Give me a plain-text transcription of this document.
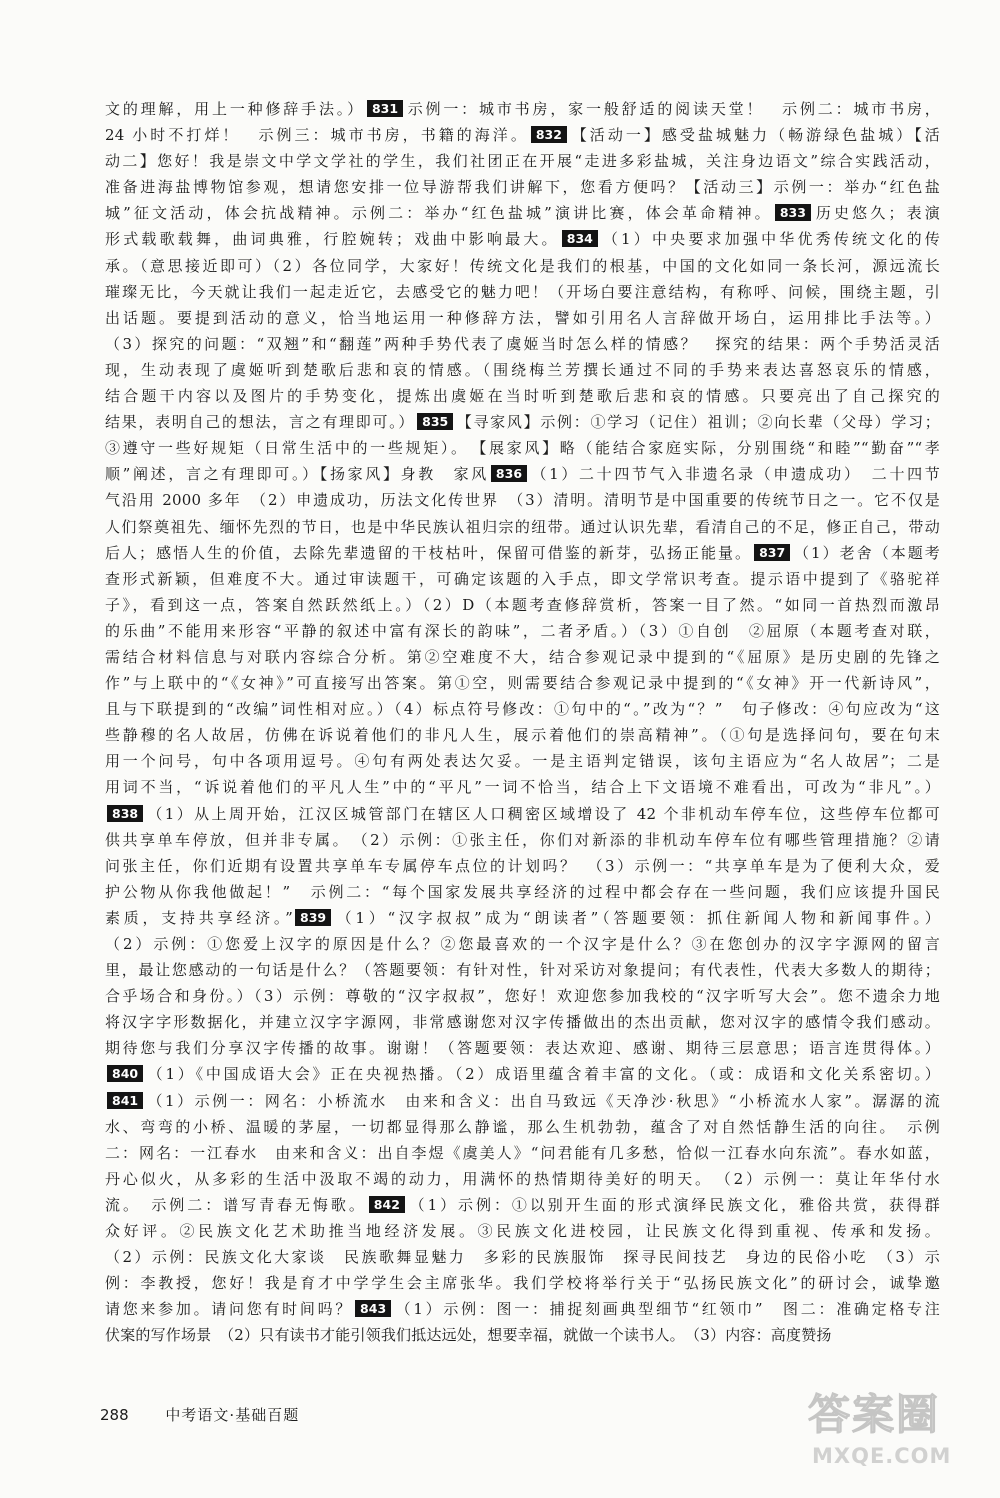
文的理解，用上一种修辞手法。） 831 示例一：城市书房，家一般舒适的阅读天堂！　示例二：城市书房，
24 小时不打烊！　示例三：城市书房，书籍的海洋。 832 【活动一】感受盐城魅力（畅游绿色盐城）【活
动二】您好！我是崇文中学文学社的学生，我们社团正在开展“走进多彩盐城，关注身边语文”综合实践活动，
准备进海盐博物馆参观，想请您安排一位导游帮我们讲解下，您看方便吗？【活动三】示例一：举办“红色盐
城”征文活动，体会抗战精神。示例二：举办“红色盐城”演讲比赛，体会革命精神。 833 历史悠久；表演
形式载歌载舞，曲词典雅，行腔婉转；戏曲中影响最大。 834 （1）中央要求加强中华优秀传统文化的传
承。（意思接近即可）（2）各位同学，大家好！传统文化是我们的根基，中国的文化如同一条长河，源远流长
璀璨无比，今天就让我们一起走近它，去感受它的魅力吧！（开场白要注意结构，有称呼、问候，围绕主题，引
出话题。要提到活动的意义，恰当地运用一种修辞方法，譬如引用名人言辞做开场白，运用排比手法等。）
（3）探究的问题：“双翘”和“翻莲”两种手势代表了虞姬当时怎么样的情感？　探究的结果：两个手势活灵活
现，生动表现了虞姬听到楚歌后悲和哀的情感。（围绕梅兰芳撰长通过不同的手势来表达喜怒哀乐的情感，
结合题干内容以及图片的手势变化，提炼出虞姬在当时听到楚歌后悲和哀的情感。只要亮出了自己探究的
结果，表明自己的想法，言之有理即可。） 835 【寻家风】示例：①学习（记住）祖训；②向长辈（父母）学习；
③遵守一些好规矩（日常生活中的一些规矩）。　【展家风】略（能结合家庭实际，分别围绕“和睦”“勤奋”“孝
顺”阐述，言之有理即可。）【扬家风】身教　家风 836 （1）二十四节气入非遗名录（申遗成功）　二十四节
气沿用 2000 多年　（2）申遗成功，历法文化传世界　（3）清明。清明节是中国重要的传统节日之一。它不仅是
人们祭奠祖先、缅怀先烈的节日，也是中华民族认祖归宗的纽带。通过认识先辈，看清自己的不足，修正自己，带动
后人；感悟人生的价值，去除先辈遗留的干枝枯叶，保留可借鉴的新芽，弘扬正能量。 837 （1）老舍（本题考
查形式新颖，但难度不大。通过审读题干，可确定该题的入手点，即文学常识考查。提示语中提到了《骆驼祥
子》，看到这一点，答案自然跃然纸上。）（2）D（本题考查修辞赏析，答案一目了然。“如同一首热烈而激昂
的乐曲”不能用来形容“平静的叙述中富有深长的韵味”，二者矛盾。）（3）①自创　②屈原（本题考查对联，
需结合材料信息与对联内容综合分析。第②空难度不大，结合参观记录中提到的“《屈原》是历史剧的先锋之
作”与上联中的“《女神》”可直接写出答案。第①空，则需要结合参观记录中提到的“《女神》开一代新诗风”，
且与下联提到的“改编”词性相对应。）（4）标点符号修改：①句中的“。”改为“？”　句子修改：④句应改为“这
些静穆的名人故居，仿佛在诉说着他们的非凡人生，展示着他们的崇高精神”。（①句是选择问句，要在句末
用一个问号，句中各项用逗号。④句有两处表达欠妥。一是主语判定错误，该句主语应为“名人故居”；二是
用词不当，“诉说着他们的平凡人生”中的“平凡”一词不恰当，结合上下文语境不难看出，可改为“非凡”。）
838 （1）从上周开始，江汉区城管部门在辖区人口稠密区域增设了 42 个非机动车停车位，这些停车位都可
供共享单车停放，但并非专属。　（2）示例：①张主任，你们对新添的非机动车停车位有哪些管理措施？②请
问张主任，你们近期有设置共享单车专属停车点位的计划吗？　（3）示例一：“共享单车是为了便利大众，爱
护公物从你我他做起！”　示例二：“每个国家发展共享经济的过程中都会存在一些问题，我们应该提升国民
素质，支持共享经济。” 839 （1）“汉字叔叔”成为“朗读者”（答题要领：抓住新闻人物和新闻事件。）
（2）示例：①您爱上汉字的原因是什么？②您最喜欢的一个汉字是什么？③在您创办的汉字字源网的留言
里，最让您感动的一句话是什么？（答题要领：有针对性，针对采访对象提问；有代表性，代表大多数人的期待；
合乎场合和身份。）（3）示例：尊敬的“汉字叔叔”，您好！欢迎您参加我校的“汉字听写大会”。您不遗余力地
将汉字字形数据化，并建立汉字字源网，非常感谢您对汉字传播做出的杰出贡献，您对汉字的感情令我们感动。
期待您与我们分享汉字传播的故事。谢谢！（答题要领：表达欢迎、感谢、期待三层意思；语言连贯得体。）
840 （1）《中国成语大会》正在央视热播。（2）成语里蕴含着丰富的文化。（或：成语和文化关系密切。）
841 （1）示例一：网名：小桥流水　由来和含义：出自马致远《天净沙·秋思》“小桥流水人家”。潺潺的流
水、弯弯的小桥、温暖的茅屋，一切都显得那么静谧，那么生机勃勃，蕴含了对自然恬静生活的向往。　示例
二：网名：一江春水　由来和含义：出自李煜《虞美人》“问君能有几多愁，恰似一江春水向东流”。春水如蓝，
丹心似火，从多彩的生活中汲取不竭的动力，用满怀的热情期待美好的明天。　（2）示例一：莫让年华付水
流。　示例二：谱写青春无悔歌。 842 （1）示例：①以别开生面的形式演绎民族文化，雅俗共赏，获得群
众好评。②民族文化艺术助推当地经济发展。③民族文化进校园，让民族文化得到重视、传承和发扬。
（2）示例：民族文化大家谈　民族歌舞显魅力　多彩的民族服饰　探寻民间技艺　身边的民俗小吃　（3）示
例：李教授，您好！我是育才中学学生会主席张华。我们学校将举行关于“弘扬民族文化”的研讨会，诚挚邀
请您来参加。请问您有时间吗？ 843 （1）示例：图一：捕捉刻画典型细节“红领巾”　图二：准确定格专注
伏案的写作场景　（2）只有读书才能引领我们抵达远处，想要幸福，就做一个读书人。　（3）内容：高度赞扬
288 中考语文·基础百题	答案圈
MXQE.COM
